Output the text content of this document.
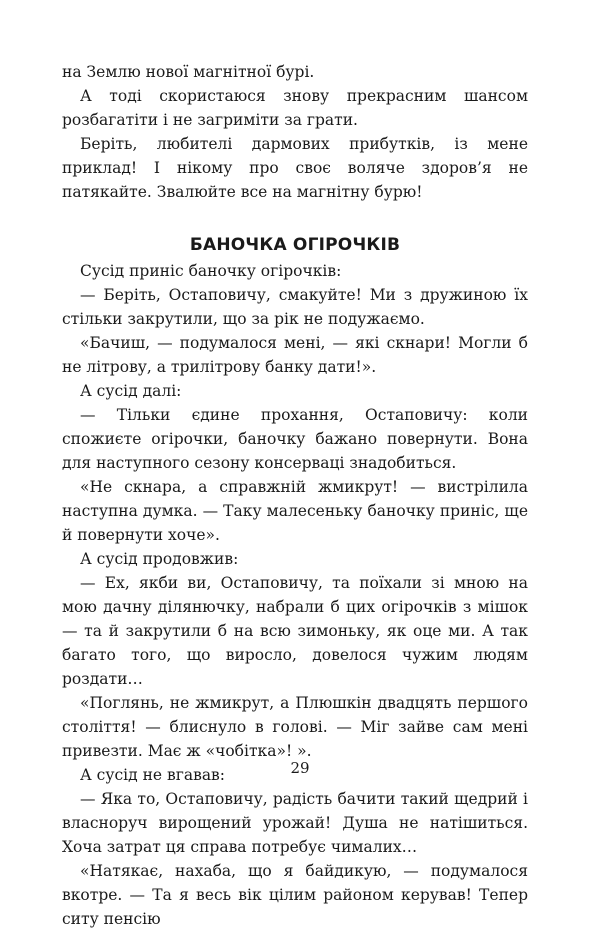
на Землю нової магнітної бурі.

А тоді скористаюся знову прекрасним шансом розбагатіти і не загриміти за грати.

Беріть, любителі дармових прибутків, із мене приклад! І нікому про своє воляче здоров’я не патякайте. Звалюйте все на магнітну бурю!

БАНОЧКА ОГІРОЧКІВ

Сусід приніс баночку огірочків:

— Беріть, Остаповичу, смакуйте! Ми з дружиною їх стільки закрутили, що за рік не подужаємо.

«Бачиш, — подумалося мені, — які скнари! Могли б не літрову, а трилітрову банку дати!».

А сусід далі:

— Тільки єдине прохання, Остаповичу: коли спожиєте огірочки, баночку бажано повернути. Вона для наступного сезону консерваці знадобиться.

«Не скнара, а справжній жмикрут! — вистрілила наступна думка. — Таку малесеньку баночку приніс, ще й повернути хоче».

А сусід продовжив:

— Ех, якби ви, Остаповичу, та поїхали зі мною на мою дачну ділянючку, набрали б цих огірочків з мішок — та й закрутили б на всю зимоньку, як оце ми. А так багато того, що виросло, довелося чужим людям роздати…

«Поглянь, не жмикрут, а Плюшкін двадцять першого століття! — блиснуло в голові. — Міг зайве сам мені привезти. Має ж «чобітка»! ».

А сусід не вгавав:

— Яка то, Остаповичу, радість бачити такий щедрий і власноруч вирощений урожай! Душа не натішиться. Хоча затрат ця справа потребує чималих…

«Натякає, нахаба, що я байдикую, — подумалося вкотре. — Та я весь вік цілим районом керував! Тепер ситу пенсію

29
